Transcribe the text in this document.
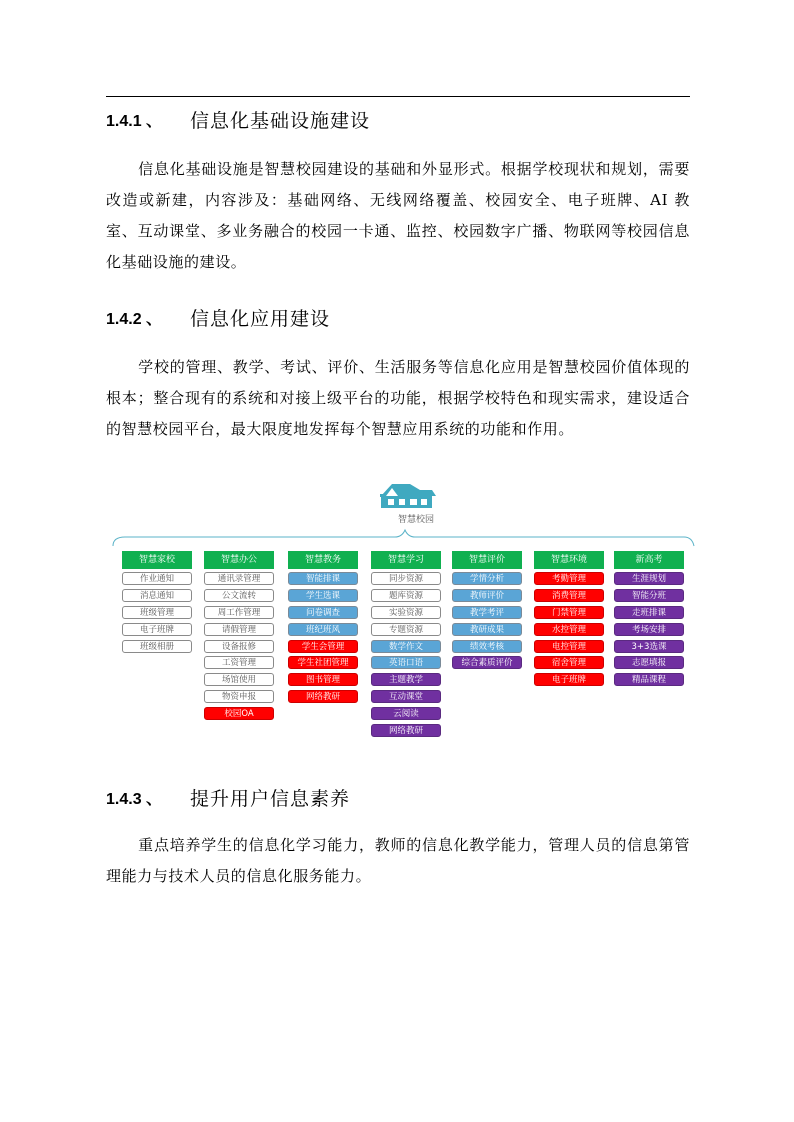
1.4.1 、	信息化基础设施建设
信息化基础设施是智慧校园建设的基础和外显形式。根据学校现状和规划，需要改造或新建，内容涉及：基础网络、无线网络覆盖、校园安全、电子班牌、AI 教室、互动课堂、多业务融合的校园一卡通、监控、校园数字广播、物联网等校园信息化基础设施的建设。
1.4.2 、	信息化应用建设
学校的管理、教学、考试、评价、生活服务等信息化应用是智慧校园价值体现的根本；整合现有的系统和对接上级平台的功能，根据学校特色和现实需求，建设适合的智慧校园平台，最大限度地发挥每个智慧应用系统的功能和作用。
智慧校园
智慧家校
作业通知
消息通知
班级管理
电子班牌
班级相册
智慧办公
通讯录管理
公文流转
周工作管理
请假管理
设备报修
工资管理
场馆使用
物资申报
校园OA
智慧教务
智能排课
学生选课
问卷调查
班纪班风
学生会管理
学生社团管理
图书管理
网络教研
智慧学习
同步资源
题库资源
实验资源
专题资源
数学作文
英语口语
主题教学
互动课堂
云阅读
网络教研
智慧评价
学情分析
教师评价
教学考评
教研成果
绩效考核
综合素质评价
智慧环境
考勤管理
消费管理
门禁管理
水控管理
电控管理
宿舍管理
电子班牌
新高考
生涯规划
智能分班
走班排课
考场安排
3+3选课
志愿填报
精品课程
1.4.3 、	提升用户信息素养
重点培养学生的信息化学习能力，教师的信息化教学能力，管理人员的信息第管理能力与技术人员的信息化服务能力。
